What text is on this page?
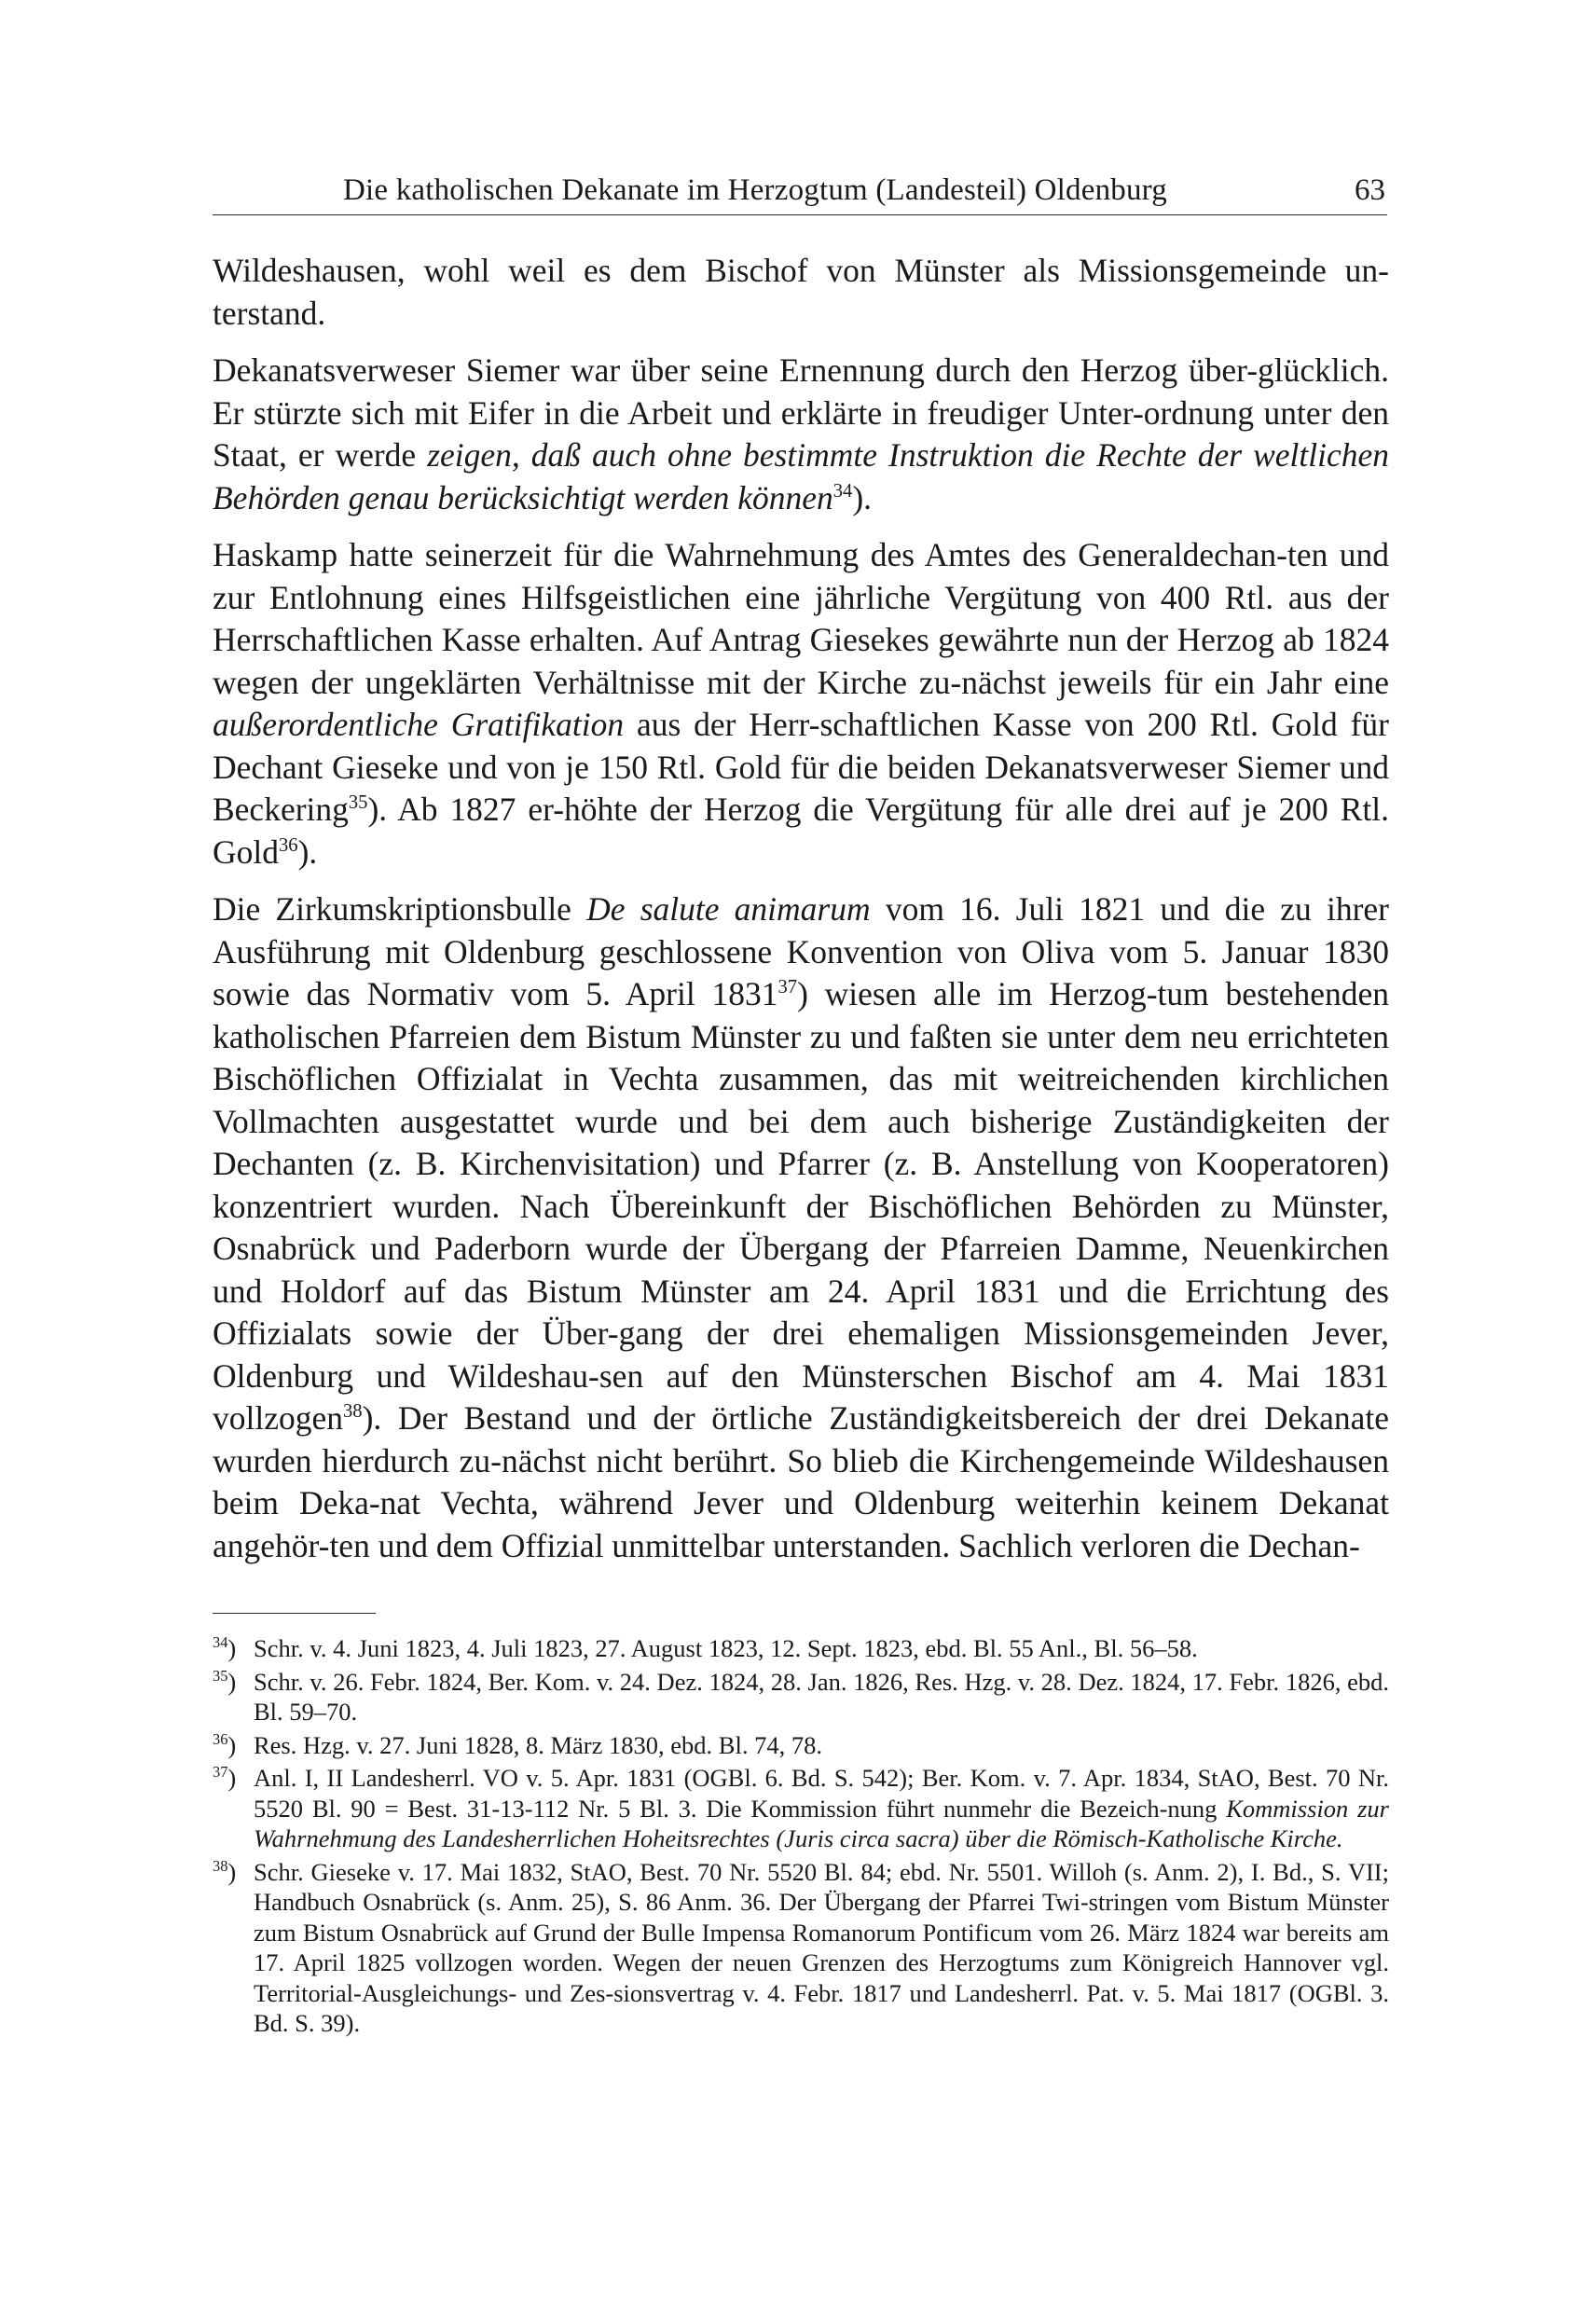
Die katholischen Dekanate im Herzogtum (Landesteil) Oldenburg	63

Wildeshausen, wohl weil es dem Bischof von Münster als Missionsgemeinde un-terstand.

Dekanatsverweser Siemer war über seine Ernennung durch den Herzog über-glücklich. Er stürzte sich mit Eifer in die Arbeit und erklärte in freudiger Unter-ordnung unter den Staat, er werde zeigen, daß auch ohne bestimmte Instruktion die Rechte der weltlichen Behörden genau berücksichtigt werden können$^{34}$).

Haskamp hatte seinerzeit für die Wahrnehmung des Amtes des Generaldechan-ten und zur Entlohnung eines Hilfsgeistlichen eine jährliche Vergütung von 400 Rtl. aus der Herrschaftlichen Kasse erhalten. Auf Antrag Giesekes gewährte nun der Herzog ab 1824 wegen der ungeklärten Verhältnisse mit der Kirche zu-nächst jeweils für ein Jahr eine außerordentliche Gratifikation aus der Herr-schaftlichen Kasse von 200 Rtl. Gold für Dechant Gieseke und von je 150 Rtl. Gold für die beiden Dekanatsverweser Siemer und Beckering$^{35}$). Ab 1827 er-höhte der Herzog die Vergütung für alle drei auf je 200 Rtl. Gold$^{36}$).

Die Zirkumskriptionsbulle De salute animarum vom 16. Juli 1821 und die zu ihrer Ausführung mit Oldenburg geschlossene Konvention von Oliva vom 5. Januar 1830 sowie das Normativ vom 5. April 1831$^{37}$) wiesen alle im Herzog-tum bestehenden katholischen Pfarreien dem Bistum Münster zu und faßten sie unter dem neu errichteten Bischöflichen Offizialat in Vechta zusammen, das mit weitreichenden kirchlichen Vollmachten ausgestattet wurde und bei dem auch bisherige Zuständigkeiten der Dechanten (z. B. Kirchenvisitation) und Pfarrer (z. B. Anstellung von Kooperatoren) konzentriert wurden. Nach Übereinkunft der Bischöflichen Behörden zu Münster, Osnabrück und Paderborn wurde der Übergang der Pfarreien Damme, Neuenkirchen und Holdorf auf das Bistum Münster am 24. April 1831 und die Errichtung des Offizialats sowie der Über-gang der drei ehemaligen Missionsgemeinden Jever, Oldenburg und Wildeshau-sen auf den Münsterschen Bischof am 4. Mai 1831 vollzogen$^{38}$). Der Bestand und der örtliche Zuständigkeitsbereich der drei Dekanate wurden hierdurch zu-nächst nicht berührt. So blieb die Kirchengemeinde Wildeshausen beim Deka-nat Vechta, während Jever und Oldenburg weiterhin keinem Dekanat angehör-ten und dem Offizial unmittelbar unterstanden. Sachlich verloren die Dechan-

$^{34}$) Schr. v. 4. Juni 1823, 4. Juli 1823, 27. August 1823, 12. Sept. 1823, ebd. Bl. 55 Anl., Bl. 56–58.

$^{35}$) Schr. v. 26. Febr. 1824, Ber. Kom. v. 24. Dez. 1824, 28. Jan. 1826, Res. Hzg. v. 28. Dez. 1824, 17. Febr. 1826, ebd. Bl. 59–70.

$^{36}$) Res. Hzg. v. 27. Juni 1828, 8. März 1830, ebd. Bl. 74, 78.

$^{37}$) Anl. I, II Landesherrl. VO v. 5. Apr. 1831 (OGBl. 6. Bd. S. 542); Ber. Kom. v. 7. Apr. 1834, StAO, Best. 70 Nr. 5520 Bl. 90 = Best. 31-13-112 Nr. 5 Bl. 3. Die Kommission führt nunmehr die Bezeich-nung Kommission zur Wahrnehmung des Landesherrlichen Hoheitsrechtes (Juris circa sacra) über die Römisch-Katholische Kirche.

$^{38}$) Schr. Gieseke v. 17. Mai 1832, StAO, Best. 70 Nr. 5520 Bl. 84; ebd. Nr. 5501. Willoh (s. Anm. 2), I. Bd., S. VII; Handbuch Osnabrück (s. Anm. 25), S. 86 Anm. 36. Der Übergang der Pfarrei Twi-stringen vom Bistum Münster zum Bistum Osnabrück auf Grund der Bulle Impensa Romanorum Pontificum vom 26. März 1824 war bereits am 17. April 1825 vollzogen worden. Wegen der neuen Grenzen des Herzogtums zum Königreich Hannover vgl. Territorial-Ausgleichungs- und Zes-sionsvertrag v. 4. Febr. 1817 und Landesherrl. Pat. v. 5. Mai 1817 (OGBl. 3. Bd. S. 39).
